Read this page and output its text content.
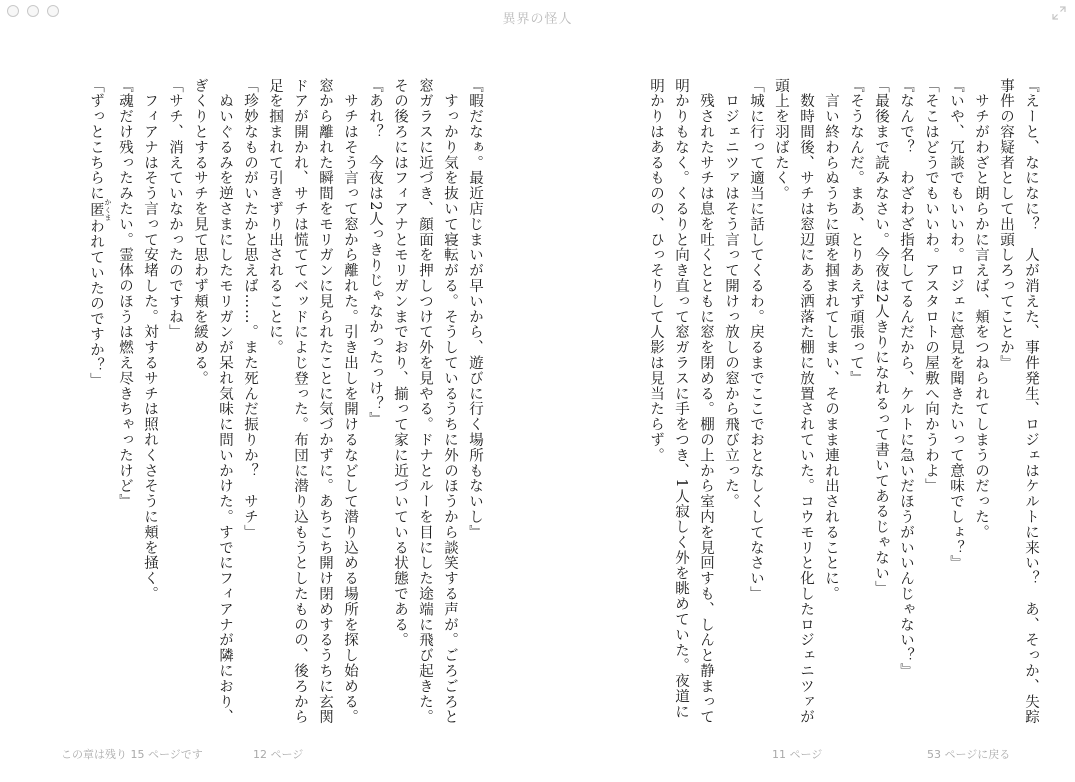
異界の怪人

『えーと、なになに？　人が消えた、事件発生、ロジェはケルトに来い？　あ、そっか、失踪

事件の容疑者として出頭しろってことか』

　サチがわざと朗らかに言えば、頬をつねられてしまうのだった。

『いや、冗談でもいいわ。ロジェに意見を聞きたいって意味でしょ？』

「そこはどうでもいいわ。アスタロトの屋敷へ向かうわよ」

『なんで？　わざわざ指名してるんだから、ケルトに急いだほうがいいんじゃない？』

「最後まで読みなさい。今夜は2人きりになれるって書いてあるじゃない」

『そうなんだ。まあ、とりあえず頑張って』

　言い終わらぬうちに頭を掴まれてしまい、そのまま連れ出されることに。

　数時間後、サチは窓辺にある洒落た棚に放置されていた。コウモリと化したロジェニツァが

頭上を羽ばたく。

「城に行って適当に話してくるわ。戻るまでここでおとなしくしてなさい」

　ロジェニツァはそう言って開けっ放しの窓から飛び立った。

　残されたサチは息を吐くとともに窓を閉める。棚の上から室内を見回すも、しんと静まって

明かりもなく。くるりと向き直って窓ガラスに手をつき、1人寂しく外を眺めていた。夜道に

明かりはあるものの、ひっそりして人影は見当たらず。

『暇だなぁ。最近店じまいが早いから、遊びに行く場所もないし』

　すっかり気を抜いて寝転がる。そうしているうちに外のほうから談笑する声が。ごろごろと

窓ガラスに近づき、顔面を押しつけて外を見やる。ドナとルーを目にした途端に飛び起きた。

その後ろにはフィアナとモリガンまでおり、揃って家に近づいている状態である。

『あれ？　今夜は2人っきりじゃなかったっけ？』

　サチはそう言って窓から離れた。引き出しを開けるなどして潜り込める場所を探し始める。

窓から離れた瞬間をモリガンに見られたことに気づかずに。あちこち開け閉めするうちに玄関

ドアが開かれ、サチは慌ててベッドによじ登った。布団に潜り込もうとしたものの、後ろから

足を掴まれて引きずり出されることに。

「珍妙なものがいたかと思えば……。また死んだ振りか？　サチ」

　ぬいぐるみを逆さまにしたモリガンが呆れ気味に問いかけた。すでにフィアナが隣におり、

ぎくりとするサチを見て思わず頬を緩める。

「サチ、消えていなかったのですね」

　フィアナはそう言って安堵した。対するサチは照れくさそうに頬を掻く。

『魂だけ残ったみたい。霊体のほうは燃え尽きちゃったけど』

「ずっとこちらに匿 かくまわれていたのですか？」

この章は残り 15 ページです	12 ページ	11 ページ	53 ページに戻る
